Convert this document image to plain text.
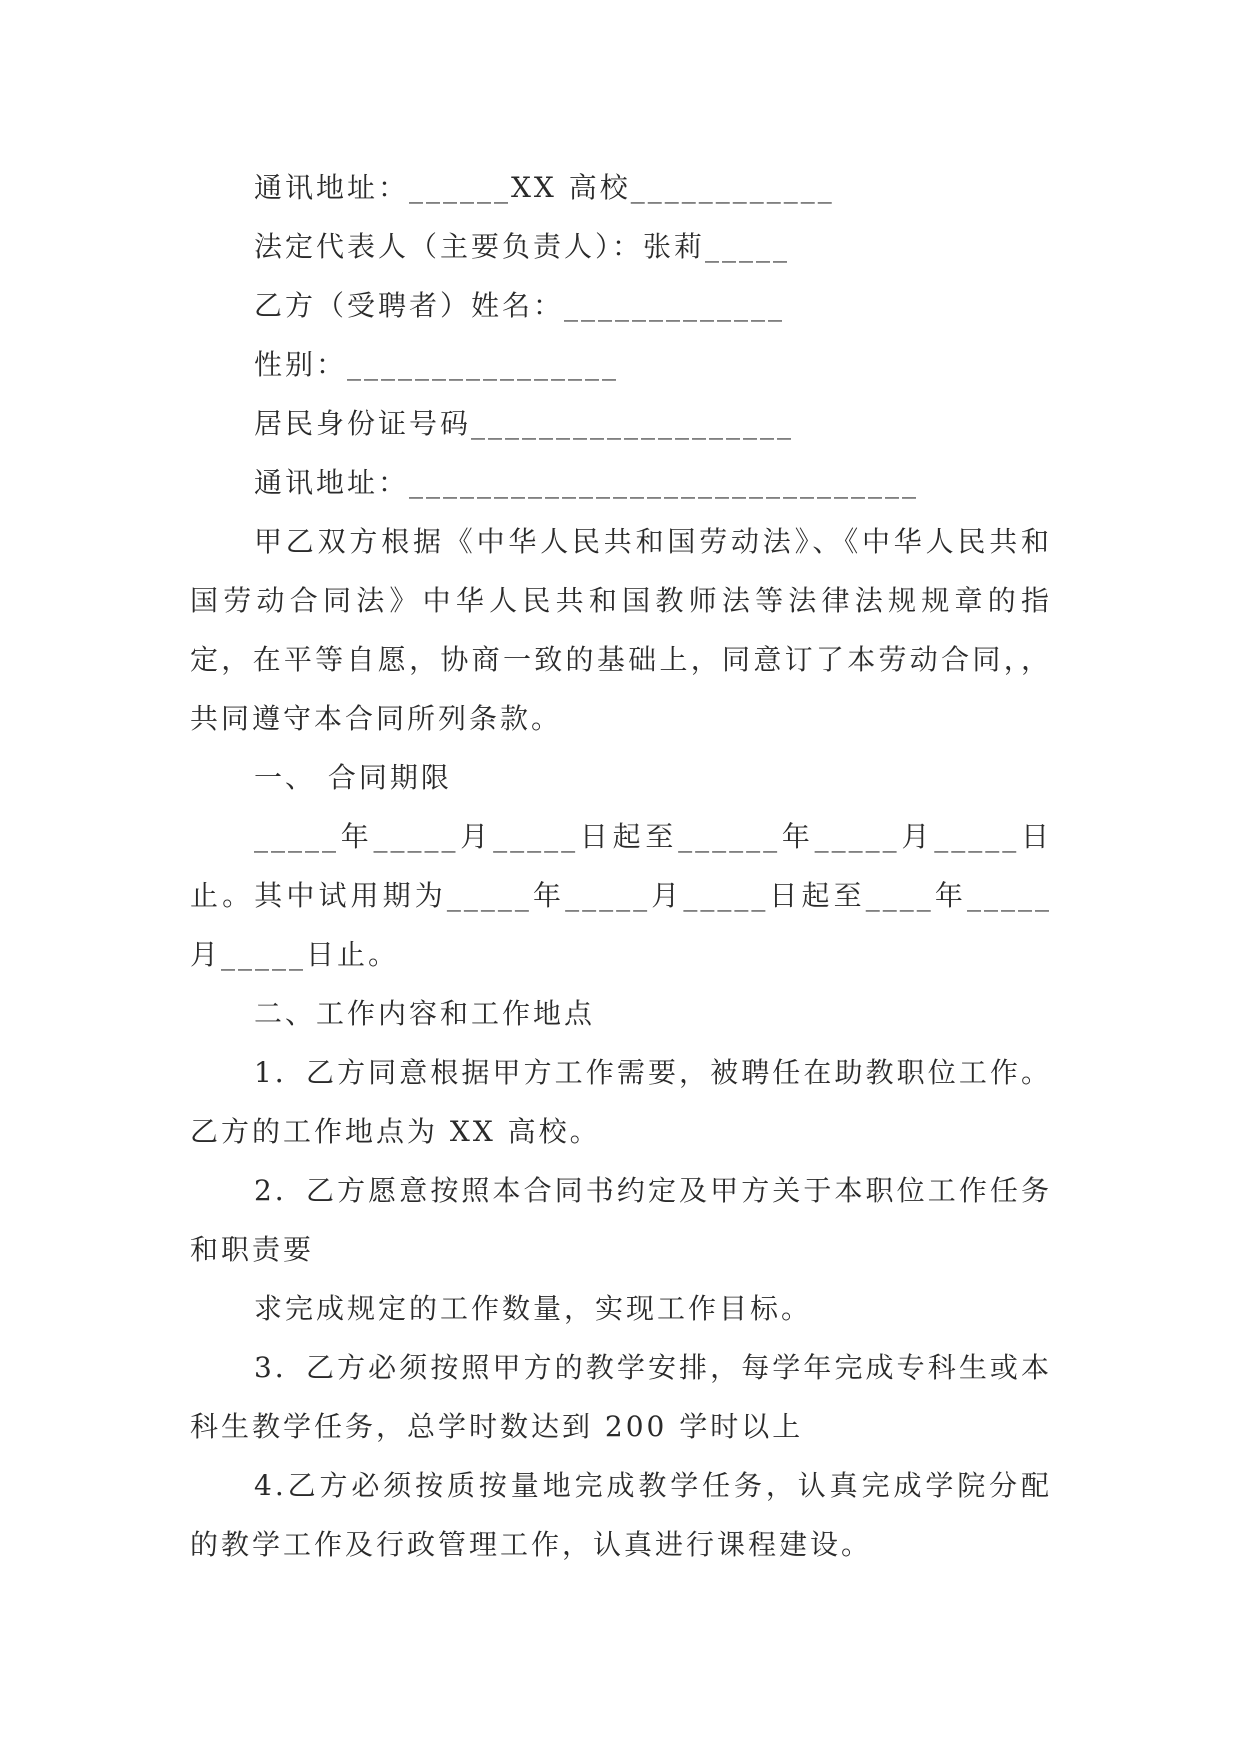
通讯地址：______XX 高校____________

法定代表人（主要负责人）：张莉_____

乙方（受聘者）姓名：_____________

性别：________________

居民身份证号码___________________

通讯地址：______________________________

甲乙双方根据《中华人民共和国劳动法》、《中华人民共和国劳动合同法》中华人民共和国教师法等法律法规规章的指定，在平等自愿，协商一致的基础上，同意订了本劳动合同，，共同遵守本合同所列条款。

一、 合同期限

_____年_____月_____日起至______年_____月_____日止。其中试用期为_____年_____月_____日起至____年_____月_____日止。

二、工作内容和工作地点

1．乙方同意根据甲方工作需要，被聘任在助教职位工作。乙方的工作地点为 XX 高校。

2．乙方愿意按照本合同书约定及甲方关于本职位工作任务和职责要

求完成规定的工作数量，实现工作目标。

3．乙方必须按照甲方的教学安排，每学年完成专科生或本科生教学任务，总学时数达到 200 学时以上

4.乙方必须按质按量地完成教学任务，认真完成学院分配的教学工作及行政管理工作，认真进行课程建设。
